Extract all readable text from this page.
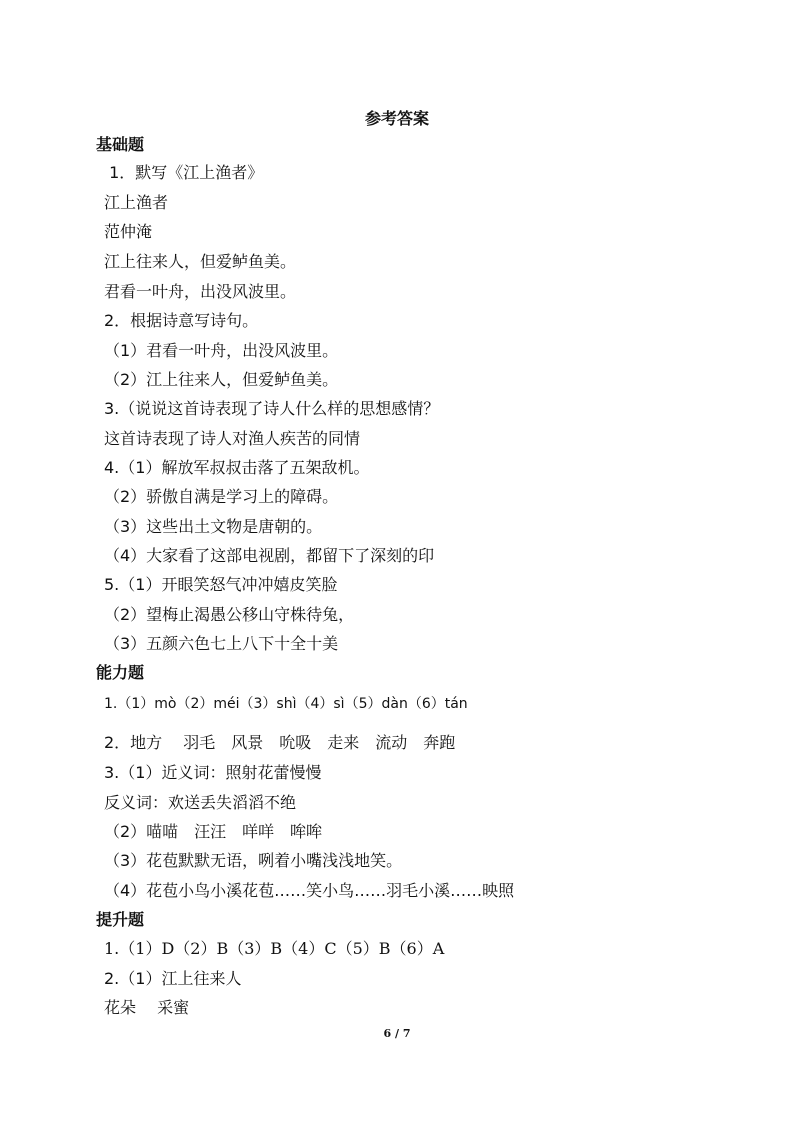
参考答案
基础题
1．默写《江上渔者》
江上渔者
范仲淹
江上往来人，但爱鲈鱼美。
君看一叶舟，出没风波里。
2．根据诗意写诗句。
（1）君看一叶舟，出没风波里。
（2）江上往来人，但爱鲈鱼美。
3.（说说这首诗表现了诗人什么样的思想感情？
这首诗表现了诗人对渔人疾苦的同情
4.（1）解放军叔叔击落了五架敌机。
（2）骄傲自满是学习上的障碍。
（3）这些出土文物是唐朝的。
（4）大家看了这部电视剧，都留下了深刻的印
5.（1）开眼笑怒气冲冲嬉皮笑脸
（2）望梅止渴愚公移山守株待兔，
（3）五颜六色七上八下十全十美
能力题
1.（1）mò（2）méi（3）shì（4）sì（5）dàn（6）tán
2．地方　 羽毛　风景　吮吸　走来　流动　奔跑
3.（1）近义词：照射花蕾慢慢
反义词：欢送丢失滔滔不绝
（2）喵喵　汪汪　咩咩　哞哞
（3）花苞默默无语，咧着小嘴浅浅地笑。
（4）花苞小鸟小溪花苞……笑小鸟……羽毛小溪……映照
提升题
1.（1）D（2）B（3）B（4）C（5）B（6）A
2.（1）江上往来人
花朵　 采蜜
6 / 7
